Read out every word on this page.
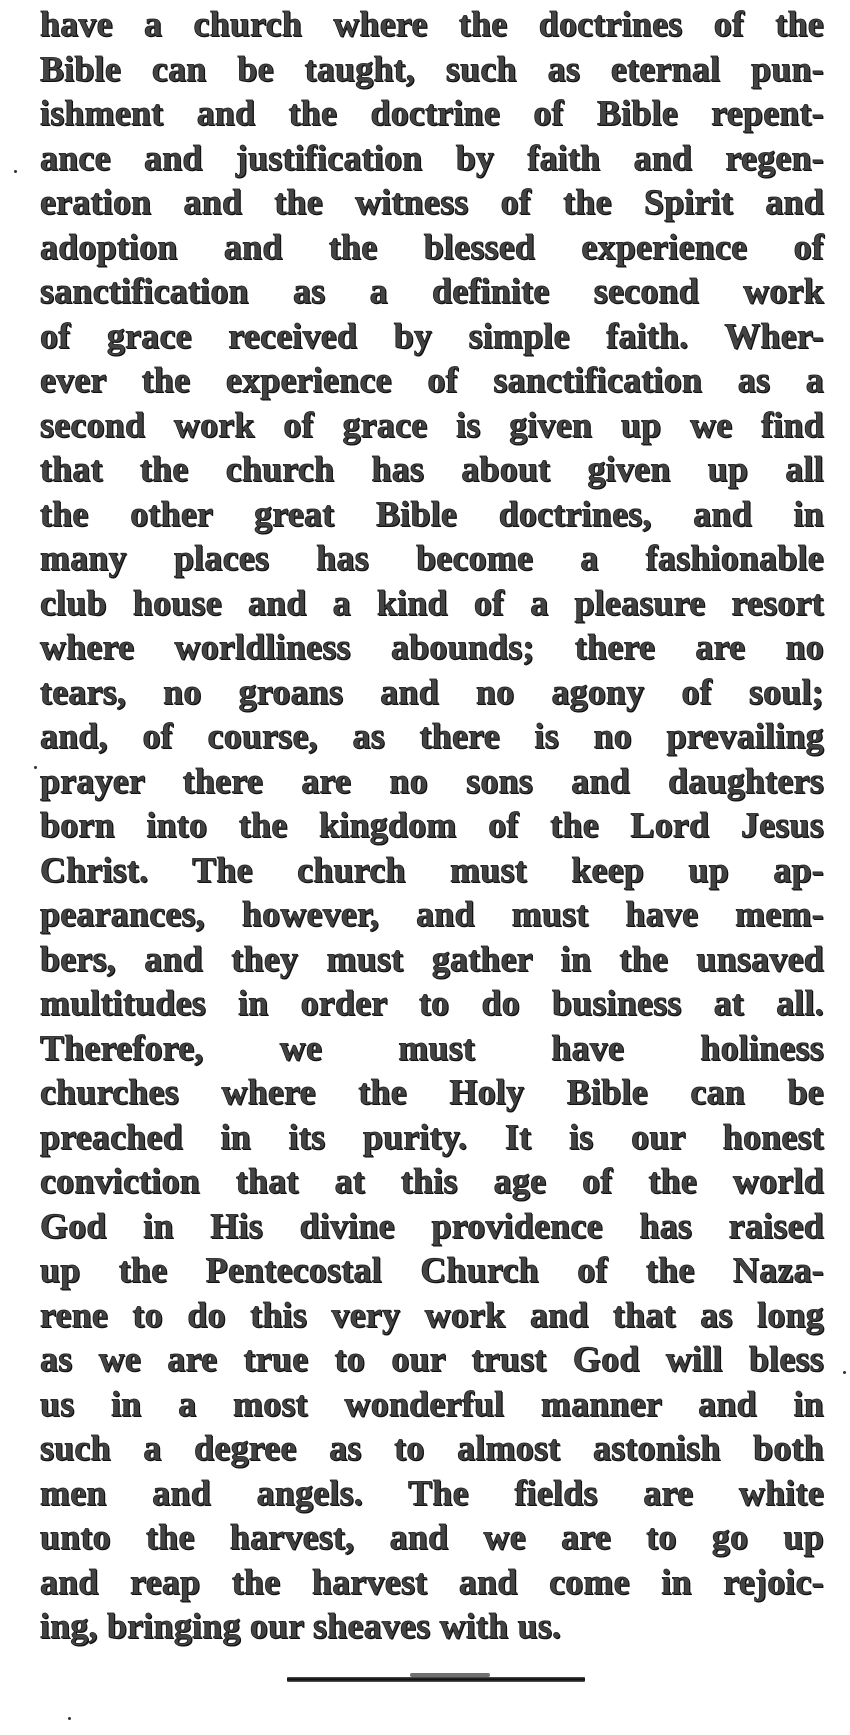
have a church where the doctrines of the
Bible can be taught, such as eternal pun-
ishment and the doctrine of Bible repent-
ance and justification by faith and regen-
eration and the witness of the Spirit and
adoption and the blessed experience of
sanctification as a definite second work
of grace received by simple faith. Wher-
ever the experience of sanctification as a
second work of grace is given up we find
that the church has about given up all
the other great Bible doctrines, and in
many places has become a fashionable
club house and a kind of a pleasure resort
where worldliness abounds; there are no
tears, no groans and no agony of soul;
and, of course, as there is no prevailing
prayer there are no sons and daughters
born into the kingdom of the Lord Jesus
Christ. The church must keep up ap-
pearances, however, and must have mem-
bers, and they must gather in the unsaved
multitudes in order to do business at all.
Therefore, we must have holiness
churches where the Holy Bible can be
preached in its purity. It is our honest
conviction that at this age of the world
God in His divine providence has raised
up the Pentecostal Church of the Naza-
rene to do this very work and that as long
as we are true to our trust God will bless
us in a most wonderful manner and in
such a degree as to almost astonish both
men and angels. The fields are white
unto the harvest, and we are to go up
and reap the harvest and come in rejoic-
ing, bringing our sheaves with us.
